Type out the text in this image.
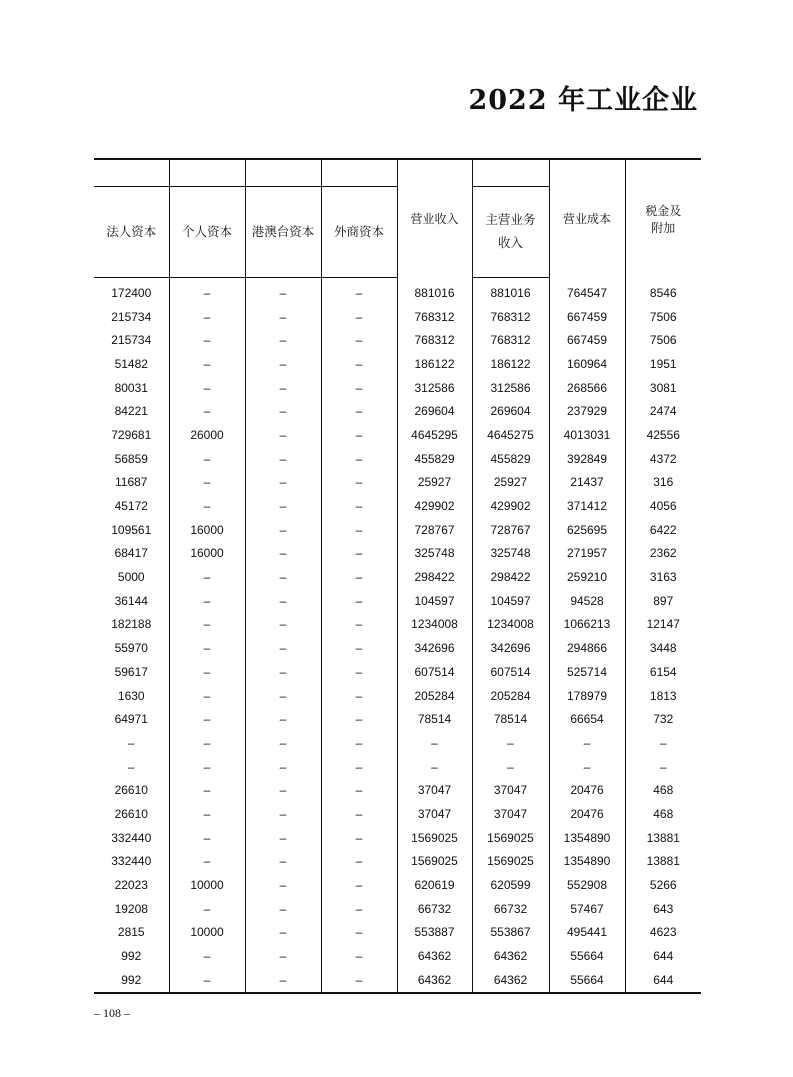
2022 年工业企业
				营业收入		营业成本	税金及
附加
法人资本	个人资本	港澳台资本	外商资本		主营业务
收入		
172400	–	–	–	881016	881016	764547	8546
215734	–	–	–	768312	768312	667459	7506
215734	–	–	–	768312	768312	667459	7506
51482	–	–	–	186122	186122	160964	1951
80031	–	–	–	312586	312586	268566	3081
84221	–	–	–	269604	269604	237929	2474
729681	26000	–	–	4645295	4645275	4013031	42556
56859	–	–	–	455829	455829	392849	4372
11687	–	–	–	25927	25927	21437	316
45172	–	–	–	429902	429902	371412	4056
109561	16000	–	–	728767	728767	625695	6422
68417	16000	–	–	325748	325748	271957	2362
5000	–	–	–	298422	298422	259210	3163
36144	–	–	–	104597	104597	94528	897
182188	–	–	–	1234008	1234008	1066213	12147
55970	–	–	–	342696	342696	294866	3448
59617	–	–	–	607514	607514	525714	6154
1630	–	–	–	205284	205284	178979	1813
64971	–	–	–	78514	78514	66654	732
–	–	–	–	–	–	–	–
–	–	–	–	–	–	–	–
26610	–	–	–	37047	37047	20476	468
26610	–	–	–	37047	37047	20476	468
332440	–	–	–	1569025	1569025	1354890	13881
332440	–	–	–	1569025	1569025	1354890	13881
22023	10000	–	–	620619	620599	552908	5266
19208	–	–	–	66732	66732	57467	643
2815	10000	–	–	553887	553867	495441	4623
992	–	–	–	64362	64362	55664	644
992	–	–	–	64362	64362	55664	644
– 108 –
